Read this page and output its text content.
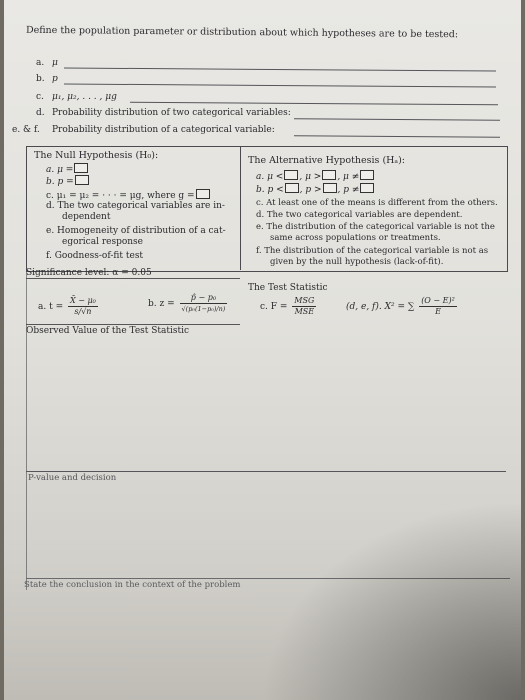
Define the population parameter or distribution about which hypotheses are to be tested:
a. μ
b. p
c. μ₁, μ₂, . . . , μg
d. Probability distribution of two categorical variables:
e. & f. Probability distribution of a categorical variable:
The Null Hypothesis (H₀):
a. μ =
b. p =
c. μ₁ = μ₂ = · · · = μg, where g =
d. The two categorical variables are in-
dependent
e. Homogeneity of distribution of a cat-
egorical response
f. Goodness-of-fit test
The Alternative Hypothesis (Hₐ):
a. μ < , μ > , μ ≠
b. p < , p > , p ≠
c. At least one of the means is different from the others.
d. The two categorical variables are dependent.
e. The distribution of the categorical variable is not the
same across populations or treatments.
f. The distribution of the categorical variable is not as
given by the null hypothesis (lack-of-fit).
Significance level: α = 0.05
The Test Statistic
a. $t = \frac{\text{X̄ − μ₀}}{s/√n}$	b. $z = \frac{\text{p̂ − p₀}}{\text{√(p₀(1−p₀)/n)}}$	c. $F = \frac{\text{MSG}}{\text{MSE}}$	(d, e, f). X² = ∑ $\frac{\text{(O − E)²}}{E}$
Observed Value of the Test Statistic
P-value and decision
State the conclusion in the context of the problem
